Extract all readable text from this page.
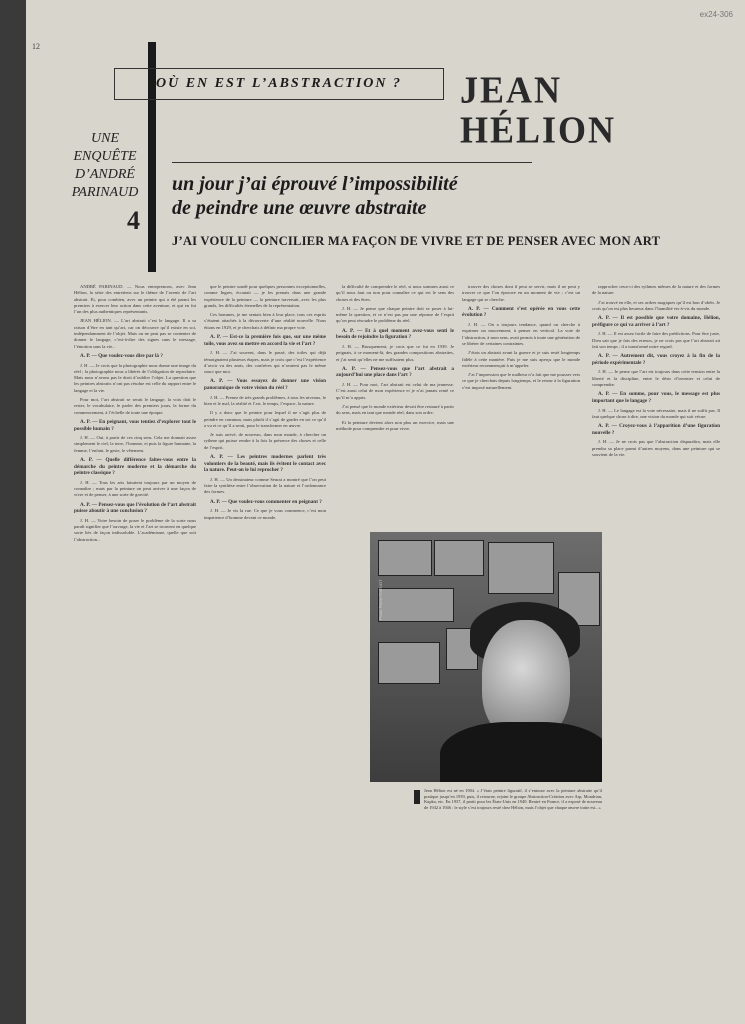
ex24-306
12
OÙ EN EST L’ABSTRACTION ?	JEAN
HÉLION
UNE
ENQUÊTE
D’ANDRÉ
PARINAUD
4
un jour j’ai éprouvé l’impossibilité
de peindre une œuvre abstraite
J’AI VOULU CONCILIER MA FAÇON DE VIVRE ET DE PENSER AVEC MON ART

ANDRÉ PARINAUD. — Nous entreprenons, avec Jean Hélion, la série des entretiens sur le thème de l’avenir de l’art abstrait. Et, pour combien, avec un peintre qui a été parmi les premiers à exercer leur action dans cette aventure, et qui en fut l’un des plus authentiques représentants.

JEAN HÉLION. — L’art abstrait c’est le langage. Il a sa raison d’être en tant qu’art, car on découvre qu’il existe en soi, indépendamment de l’objet. Mais on ne peut pas se contenter de donner le langage, c’est-à-dire des signes sans le message, l’émotion sans la vie...

A. P. — Que voulez-vous dire par là ?

J. H. — Je crois que la photographie nous donne une image du réel ; la photographie nous a libérés de l’obligation de reproduire. Mais nous n’avons pas le droit d’oublier l’objet. La question que les peintres abstraits n’ont pas résolue est celle du rapport entre le langage et la vie.

Pour moi, l’art abstrait se serait le langage, la voix doit le rester, le vocabulaire, le parler des premiers jours, la forme du commencement, à l’échelle de toute une époque.

A. P. — En peignant, vous tentiez d’explorer tout le possible humain ?

J. H. — Oui, à partir de ces cinq sens. Cela me donnait assez simplement le ciel, la terre, l’homme, et puis la figure humaine, la femme, l’enfant, le geste, le vêtement.

A. P. — Quelle différence faites-vous entre la démarche du peintre moderne et la démarche du peintre classique ?

J. H. — Tous les arts faisaient toujours par un moyen de connaître ; mais par la peinture on peut arriver à une façon de vivre et de penser, à une sorte de gravité.

A. P. — Pensez-vous que l’évolution de l’art abstrait puisse aboutir à une conclusion ?

J. H. — Votre besoin de poser le problème de la sorte nous paraît signifier que l’ouvrage, la vie et l’art se trouvent en quelque sorte liés de façon indissoluble. L’académisme, quelle que soit l’abstraction...

que le peintre soudé pour quelques personnes exceptionnelles, comme Ingres, écoutait — je les prenais dans une grande expérience de la peinture — la peinture traversait, avec les plus grands, les difficultés éternelles de la représentation.

Ces hommes, je me sentais bien à leur place, tous ces esprits s’étaient attachés à la découverte d’une réalité nouvelle. Nous étions en 1929, et je cherchais à définir ma propre voie.

A. P. — Est-ce la première fois que, sur une même toile, vous avez su mettre en accord la vie et l’art ?

J. H. — J’ai souvent, dans le passé, des toiles qui déjà témoignaient plusieurs étapes, mais je crois que c’est l’expérience d’avoir vu des amis, des confrères qui n’avaient pas le même souci que moi.

A. P. — Vous essayez de donner une vision panoramique de votre vision du réel ?

J. H. — Prenez de très grands problèmes, à tous les niveaux, le bien et le mal, la réalité et l’art, le temps, l’espace, la nature.

Il y a donc que le peintre pour lequel il ne s’agit plus de peindre en commun, mais plutôt il s’agit de garder en soi ce qu’il a vu et ce qu’il a senti, pour le transformer en œuvre.

Je suis arrivé, de nouveau, dans mon monde, à chercher un rythme qui puisse rendre à la fois la présence des choses et celle de l’esprit.

A. P. — Les peintres modernes parlent très volontiers de la beauté, mais ils évitent le contact avec la nature. Peut-on le lui reprocher ?

J. H. — Un dessinateur comme Seurat a montré que l’on peut faire la synthèse entre l’observation de la nature et l’ordonnance des formes.

A. P. — Que voulez-vous commenter en peignant ?

J. H. — Je vis la rue. Ce que je vous commence, c’est mon impatience d’homme devant ce monde.

la difficulté de comprendre le réel, si nous sommes aussi ce qu’il nous faut ou non pour connaître ce qui est le sens des choses et des êtres.

J. H. — Je pense que chaque peintre doit se poser à lui-même la question, et ce n’est pas par une réponse de l’esprit qu’on peut résoudre le problème du réel.

A. P. — Et à quel moment avez-vous senti le besoin de rejoindre la figuration ?

J. H. — Brusquement, je crois que ce fut en 1939. Je peignais, à ce moment-là, des grandes compositions abstraites, et j’ai senti qu’elles ne me suffisaient plus.

A. P. — Pensez-vous que l’art abstrait a aujourd’hui une place dans l’art ?

J. H. — Pour moi, l’art abstrait est celui de ma jeunesse. C’est aussi celui de mon expérience et je n’ai jamais renié ce qu’il m’a appris.

J’ai pensé que le monde extérieur devait être restauré à partir du sens, mais en tant que monde réel, dans son ordre.

Et la peinture devient alors non plus un exercice, mais une méthode pour comprendre et pour vivre.

trouver des choses dont il peut se servir, mais il ne peut y trouver ce que l’on éprouve en un moment de vie ; c’est un langage qui se cherche.

A. P. — Comment s’est opérée en vous cette évolution ?

J. H. — On a toujours tendance, quand on cherche à exprimer un mouvement, à penser en vertical. La voie de l’abstraction, à mon sens, avait permis à toute une génération de se libérer de certaines contraintes.

J’étais un abstrait avant la guerre et je suis resté longtemps fidèle à cette manière. Puis je me suis aperçu que le monde extérieur recommençait à m’appeler.

J’ai l’impression que le malheur n’a fait que me pousser vers ce que je cherchais depuis longtemps, et le retour à la figuration s’est imposé naturellement.

rapprocher ceux-ci des rythmes mêmes de la nature et des formes de la nature.

J’ai trouvé en elle, et ses ordres magiques qu’il est bon d’obéir. Je crois qu’on est plus heureux dans l’humilité vis-à-vis du monde.

A. P. — Il est possible que votre domaine, Hélion, préfigure ce qui va arriver à l’art ?

J. H. — Il est assez facile de faire des prédictions. Pour être juste, Dieu sait que je fais des erreurs, je ne crois pas que l’art abstrait ait fait son temps ; il a transformé notre regard.

A. P. — Autrement dit, vous croyez à la fin de la période expérimentale ?

J. H. — Je pense que l’art est toujours dans cette tension entre la liberté et la discipline, entre le désir d’inventer et celui de comprendre.

A. P. — En somme, pour vous, le message est plus important que le langage ?

J. H. — Le langage est la voie nécessaire, mais il ne suffit pas. Il faut quelque chose à dire, une vision du monde qui soit vécue.

A. P. — Croyez-vous à l’apparition d’une figuration nouvelle ?

J. H. — Je ne crois pas que l’abstraction disparaîtra, mais elle prendra sa place parmi d’autres moyens, dans une peinture qui se souvient de la vie.

Photo Pierre GUÉNOT
Jean Hélion est né en 1904. « J’étais peintre figuratif, il s’entoure avec la peinture abstraite qu’il pratique jusqu’en 1939, puis, il retourne, rejoint le groupe Abstraction-Création avec Arp, Mondrian, Kupka, etc. En 1937, il partit pour les États-Unis en 1940. Rentré en France, il a exposé de nouveau de 1942 à 1946 : le style s’est toujours resté chez Hélion, mais l’objet que chaque œuvre traite est...»
